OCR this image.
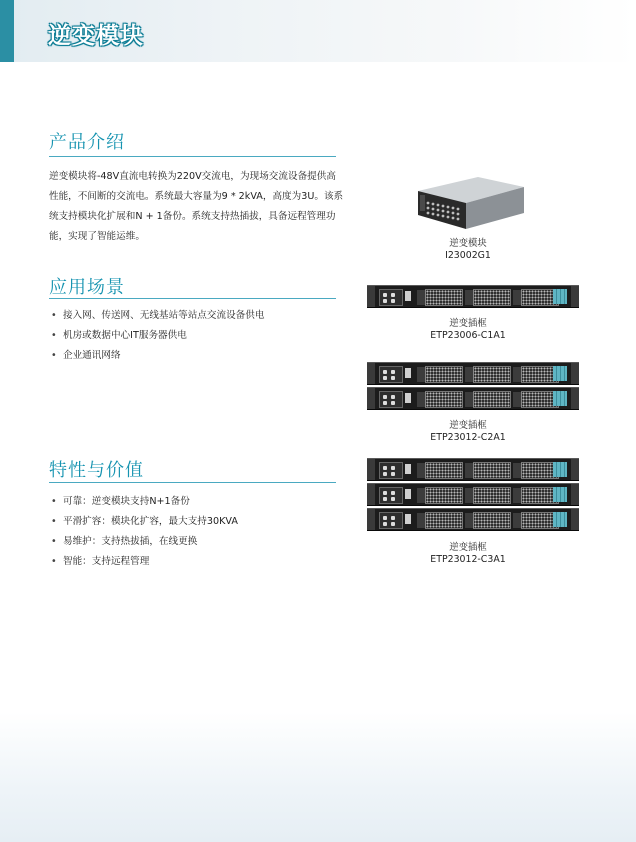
逆变模块
产品介绍
逆变模块将-48V直流电转换为220V交流电，为现场交流设备提供高性能，不间断的交流电。系统最大容量为9 * 2kVA，高度为3U。该系统支持模块化扩展和N + 1备份。系统支持热插拔，具备远程管理功能，实现了智能运维。
应用场景
• 接入网、传送网、无线基站等站点交流设备供电
• 机房或数据中心IT服务器供电
• 企业通讯网络
特性与价值
• 可靠：逆变模块支持N+1备份
• 平滑扩容：模块化扩容，最大支持30KVA
• 易维护：支持热拔插，在线更换
• 智能：支持远程管理
逆变模块
I23002G1
逆变插框
ETP23006-C1A1
逆变插框
ETP23012-C2A1
逆变插框
ETP23012-C3A1
